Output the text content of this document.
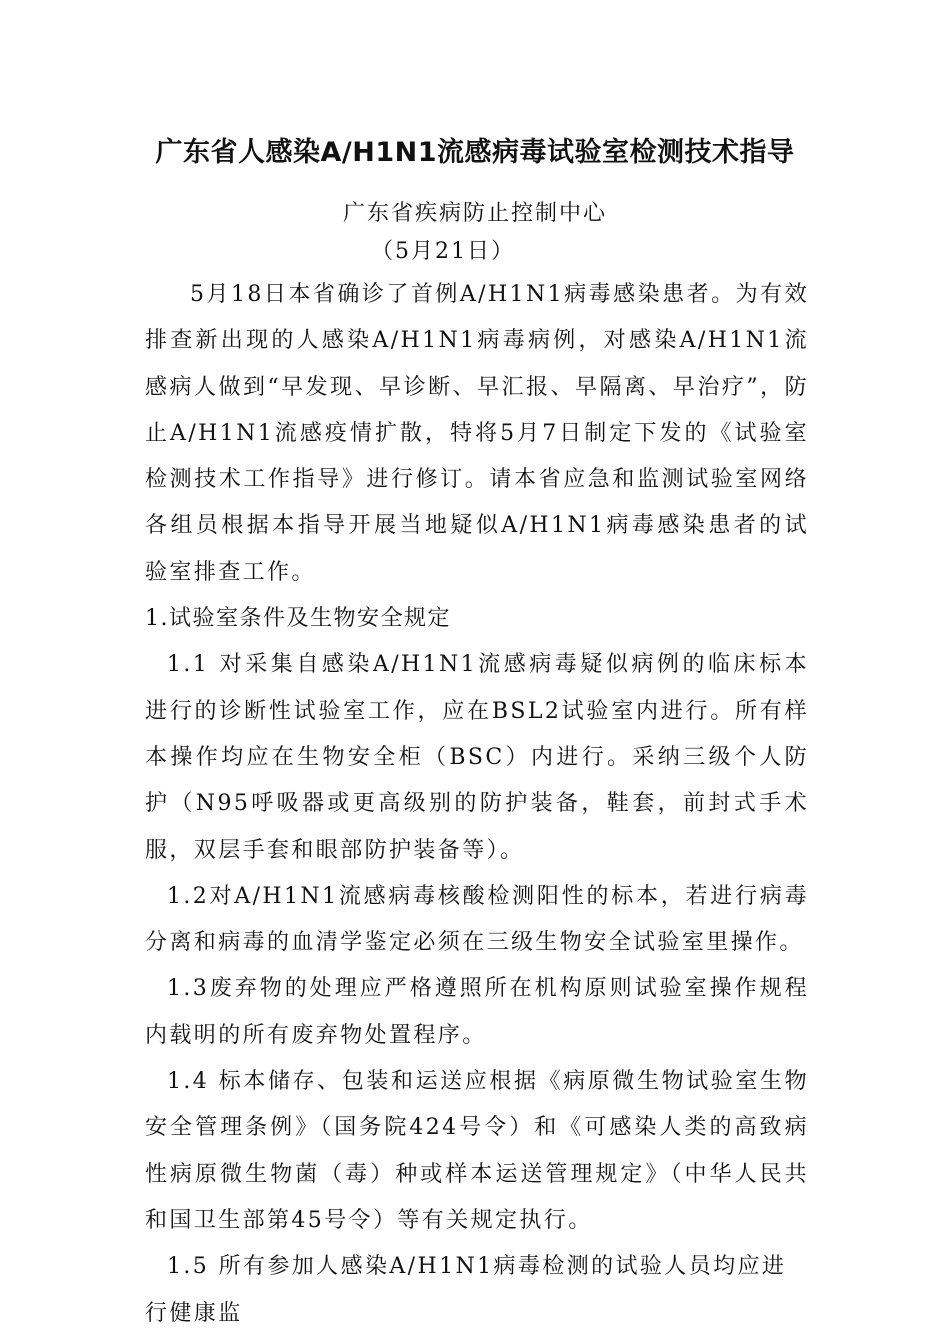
广东省人感染A/H1N1流感病毒试验室检测技术指导
广东省疾病防止控制中心
（5月21日）

5月18日本省确诊了首例A/H1N1病毒感染患者。为有效排查新出现的人感染A/H1N1病毒病例，对感染A/H1N1流感病人做到“早发现、早诊断、早汇报、早隔离、早治疗”，防止A/H1N1流感疫情扩散，特将5月7日制定下发的《试验室检测技术工作指导》进行修订。请本省应急和监测试验室网络各组员根据本指导开展当地疑似A/H1N1病毒感染患者的试验室排查工作。

1.试验室条件及生物安全规定

1.1 对采集自感染A/H1N1流感病毒疑似病例的临床标本进行的诊断性试验室工作，应在BSL2试验室内进行。所有样本操作均应在生物安全柜（BSC）内进行。采纳三级个人防护（N95呼吸器或更高级别的防护装备，鞋套，前封式手术服，双层手套和眼部防护装备等）。

1.2对A/H1N1流感病毒核酸检测阳性的标本，若进行病毒分离和病毒的血清学鉴定必须在三级生物安全试验室里操作。

1.3废弃物的处理应严格遵照所在机构原则试验室操作规程内载明的所有废弃物处置程序。

1.4 标本储存、包装和运送应根据《病原微生物试验室生物安全管理条例》（国务院424号令）和《可感染人类的高致病性病原微生物菌（毒）种或样本运送管理规定》（中华人民共和国卫生部第45号令）等有关规定执行。

1.5 所有参加人感染A/H1N1病毒检测的试验人员均应进行健康监
